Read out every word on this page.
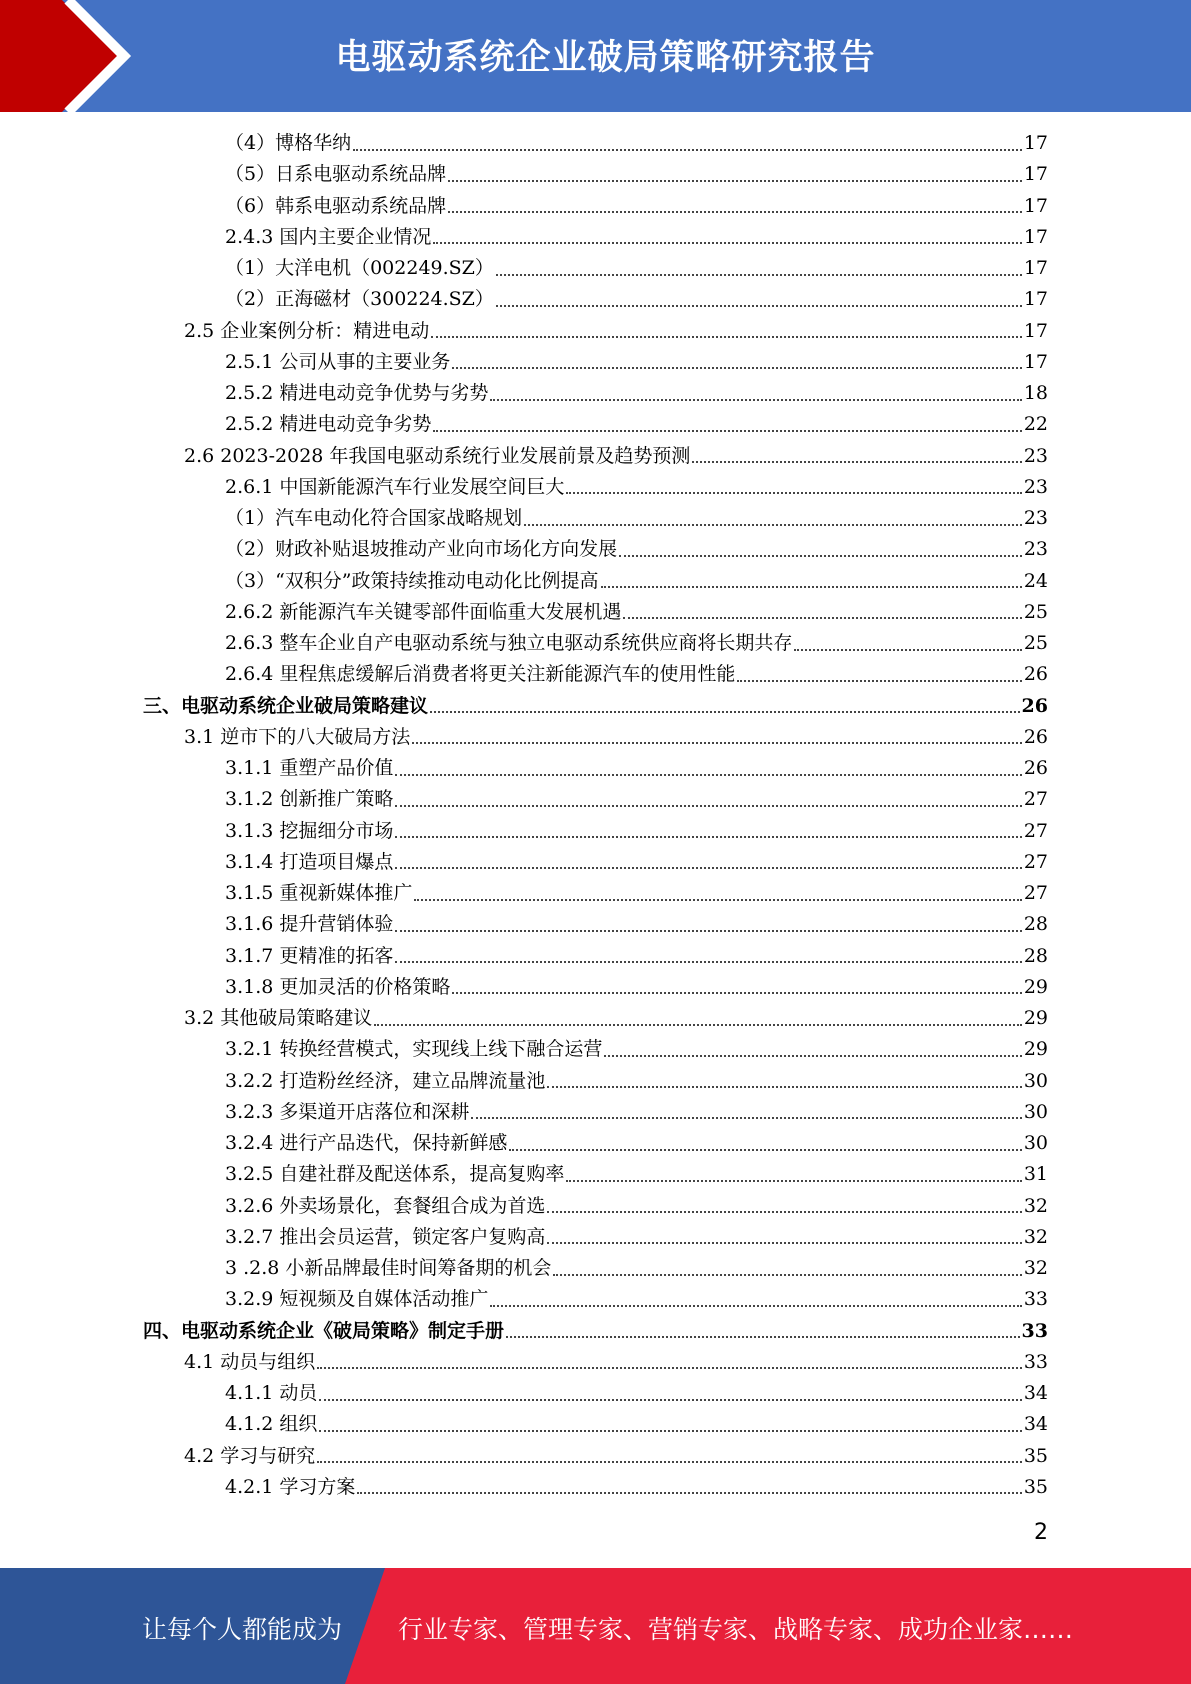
电驱动系统企业破局策略研究报告
（4）博格华纳	17
（5）日系电驱动系统品牌	17
（6）韩系电驱动系统品牌	17
2.4.3 国内主要企业情况	17
（1）大洋电机（002249.SZ）	17
（2）正海磁材（300224.SZ）	17
2.5 企业案例分析：精进电动	17
2.5.1 公司从事的主要业务	17
2.5.2 精进电动竞争优势与劣势	18
2.5.2 精进电动竞争劣势	22
2.6 2023-2028 年我国电驱动系统行业发展前景及趋势预测	23
2.6.1 中国新能源汽车行业发展空间巨大	23
（1）汽车电动化符合国家战略规划	23
（2）财政补贴退坡推动产业向市场化方向发展	23
（3）“双积分”政策持续推动电动化比例提高	24
2.6.2 新能源汽车关键零部件面临重大发展机遇	25
2.6.3 整车企业自产电驱动系统与独立电驱动系统供应商将长期共存	25
2.6.4 里程焦虑缓解后消费者将更关注新能源汽车的使用性能	26
三、电驱动系统企业破局策略建议	26
3.1 逆市下的八大破局方法	26
3.1.1 重塑产品价值	26
3.1.2 创新推广策略	27
3.1.3 挖掘细分市场	27
3.1.4 打造项目爆点	27
3.1.5 重视新媒体推广	27
3.1.6 提升营销体验	28
3.1.7 更精准的拓客	28
3.1.8 更加灵活的价格策略	29
3.2 其他破局策略建议	29
3.2.1 转换经营模式，实现线上线下融合运营	29
3.2.2 打造粉丝经济，建立品牌流量池	30
3.2.3 多渠道开店落位和深耕	30
3.2.4 进行产品迭代，保持新鲜感	30
3.2.5 自建社群及配送体系，提高复购率	31
3.2.6 外卖场景化，套餐组合成为首选	32
3.2.7 推出会员运营，锁定客户复购高	32
3 .2.8 小新品牌最佳时间筹备期的机会	32
3.2.9 短视频及自媒体活动推广	33
四、电驱动系统企业《破局策略》制定手册	33
4.1 动员与组织	33
4.1.1 动员	34
4.1.2 组织	34
4.2 学习与研究	35
4.2.1 学习方案	35
2
让每个人都能成为 行业专家、管理专家、营销专家、战略专家、成功企业家……
